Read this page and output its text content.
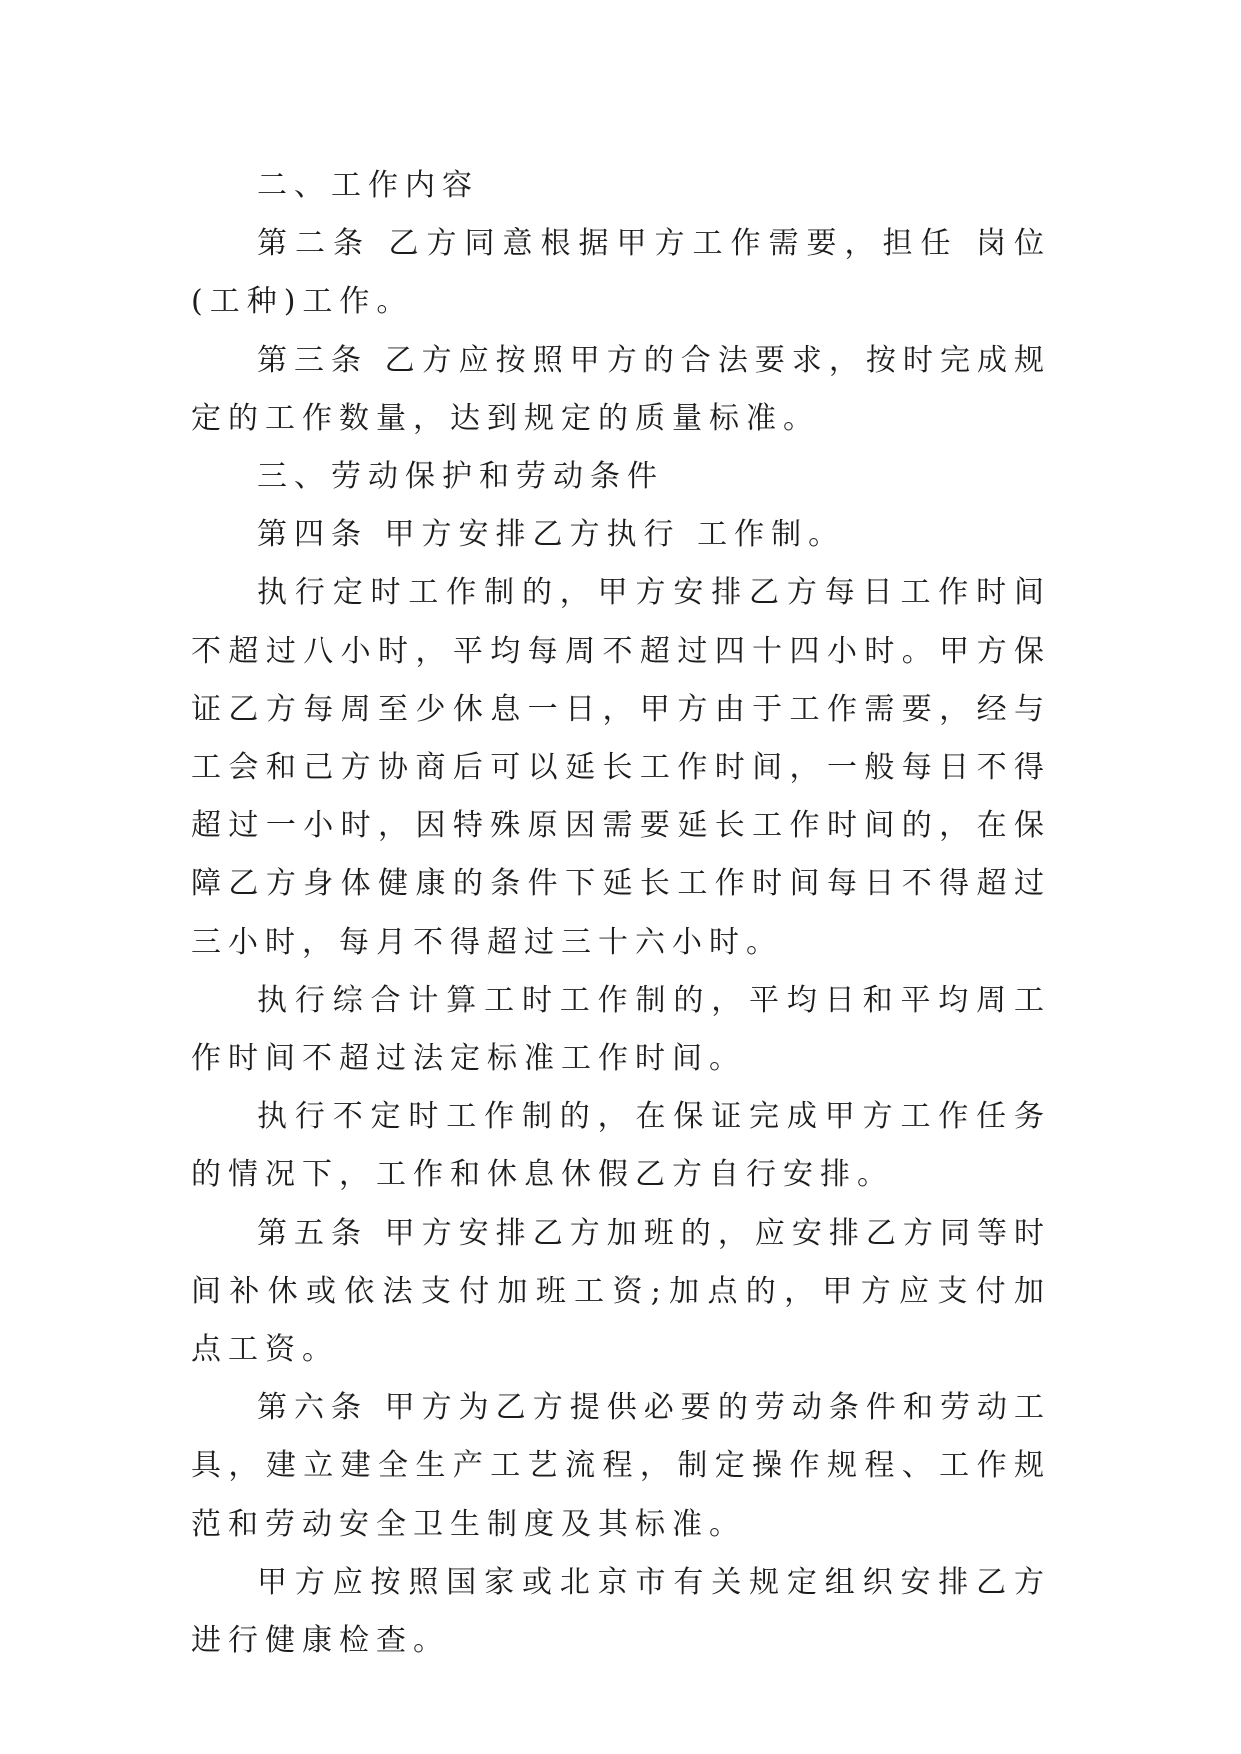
二、工作内容

第二条 乙方同意根据甲方工作需要，担任 岗位(工种)工作。

第三条 乙方应按照甲方的合法要求，按时完成规定的工作数量，达到规定的质量标准。

三、劳动保护和劳动条件

第四条 甲方安排乙方执行 工作制。

执行定时工作制的，甲方安排乙方每日工作时间不超过八小时，平均每周不超过四十四小时。甲方保证乙方每周至少休息一日，甲方由于工作需要，经与工会和己方协商后可以延长工作时间，一般每日不得超过一小时，因特殊原因需要延长工作时间的，在保障乙方身体健康的条件下延长工作时间每日不得超过三小时，每月不得超过三十六小时。

执行综合计算工时工作制的，平均日和平均周工作时间不超过法定标准工作时间。

执行不定时工作制的，在保证完成甲方工作任务的情况下，工作和休息休假乙方自行安排。

第五条 甲方安排乙方加班的，应安排乙方同等时间补休或依法支付加班工资;加点的，甲方应支付加点工资。

第六条 甲方为乙方提供必要的劳动条件和劳动工具，建立建全生产工艺流程，制定操作规程、工作规范和劳动安全卫生制度及其标准。

甲方应按照国家或北京市有关规定组织安排乙方进行健康检查。
